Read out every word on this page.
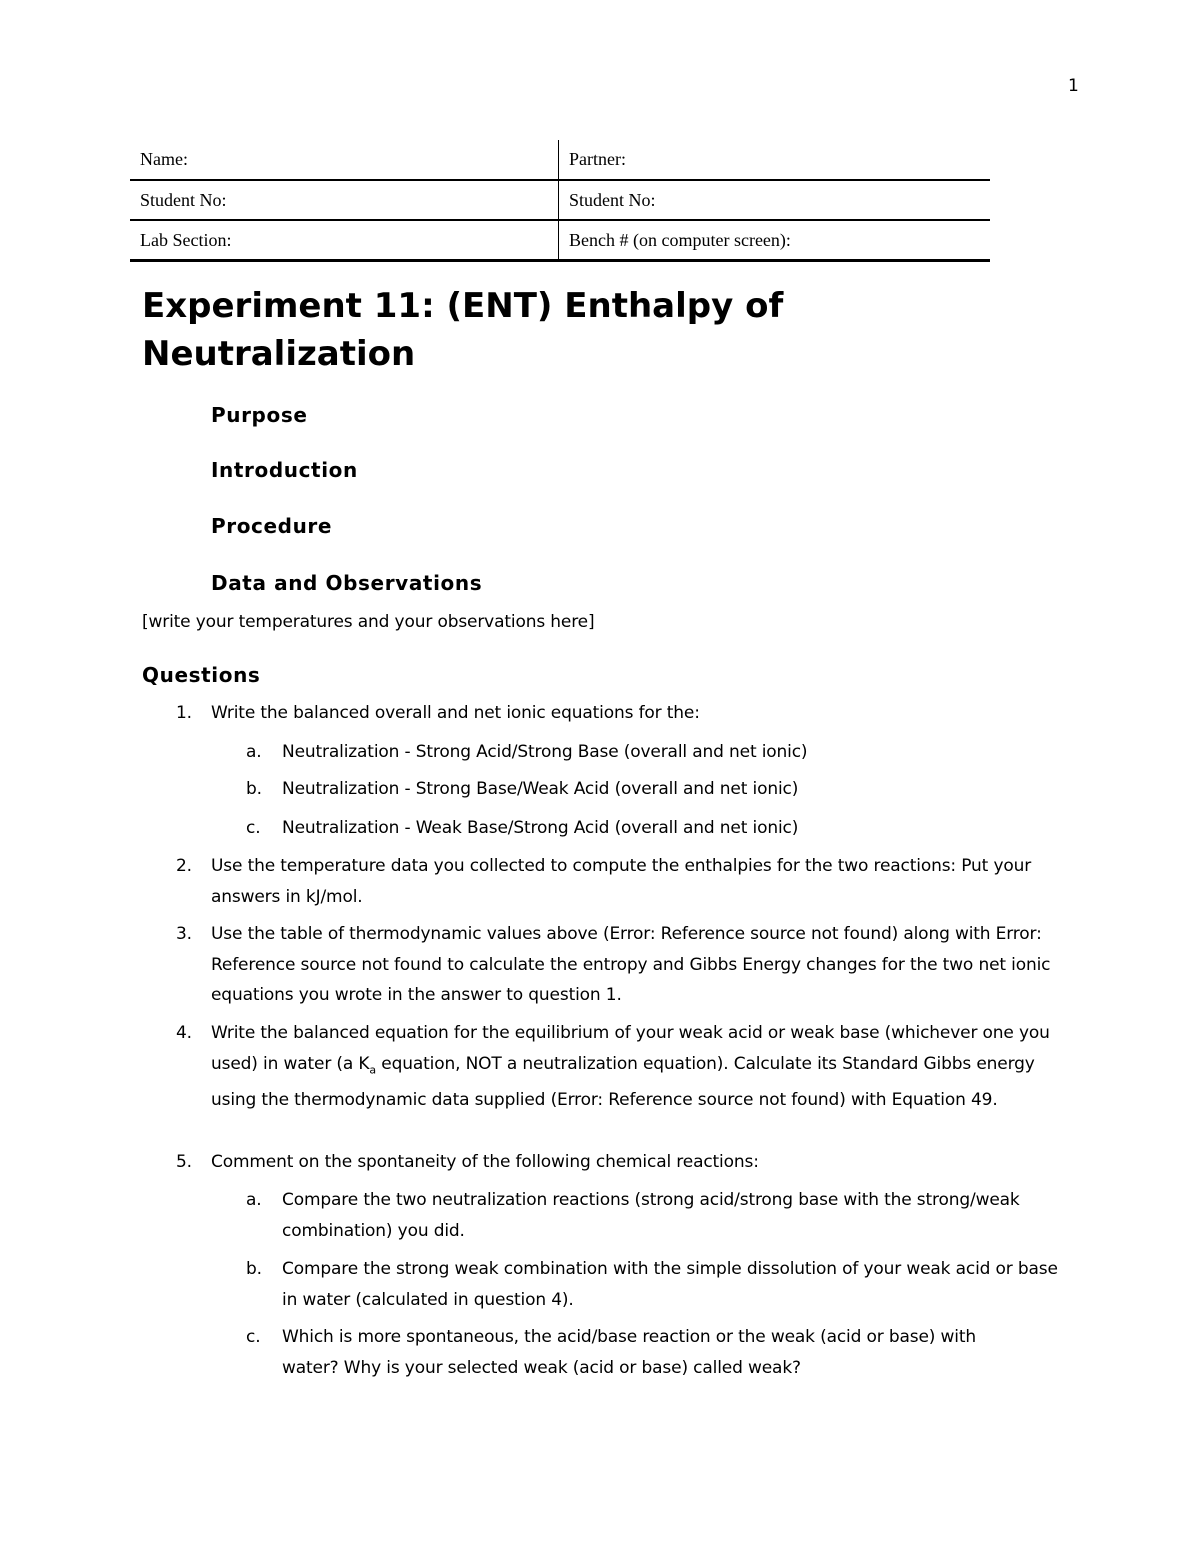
1
Name:	Partner:
Student No:	Student No:
Lab Section:	Bench # (on computer screen):
Experiment 11: (ENT) Enthalpy of Neutralization
Purpose
Introduction
Procedure
Data and Observations

[write your temperatures and your observations here]

Questions
1. Write the balanced overall and net ionic equations for the:
a. Neutralization - Strong Acid/Strong Base (overall and net ionic)
b. Neutralization - Strong Base/Weak Acid (overall and net ionic)
c. Neutralization - Weak Base/Strong Acid (overall and net ionic)
2. Use the temperature data you collected to compute the enthalpies for the two reactions: Put your answers in kJ/mol.
3. Use the table of thermodynamic values above (Error: Reference source not found) along with Error: Reference source not found to calculate the entropy and Gibbs Energy changes for the two net ionic equations you wrote in the answer to question 1.
4. Write the balanced equation for the equilibrium of your weak acid or weak base (whichever one you used) in water (a $K_a$ equation, NOT a neutralization equation). Calculate its Standard Gibbs energy using the thermodynamic data supplied (Error: Reference source not found) with Equation 49.
5. Comment on the spontaneity of the following chemical reactions:
a. Compare the two neutralization reactions (strong acid/strong base with the strong/weak combination) you did.
b. Compare the strong weak combination with the simple dissolution of your weak acid or base in water (calculated in question 4).
c. Which is more spontaneous, the acid/base reaction or the weak (acid or base) with water? Why is your selected weak (acid or base) called weak?
